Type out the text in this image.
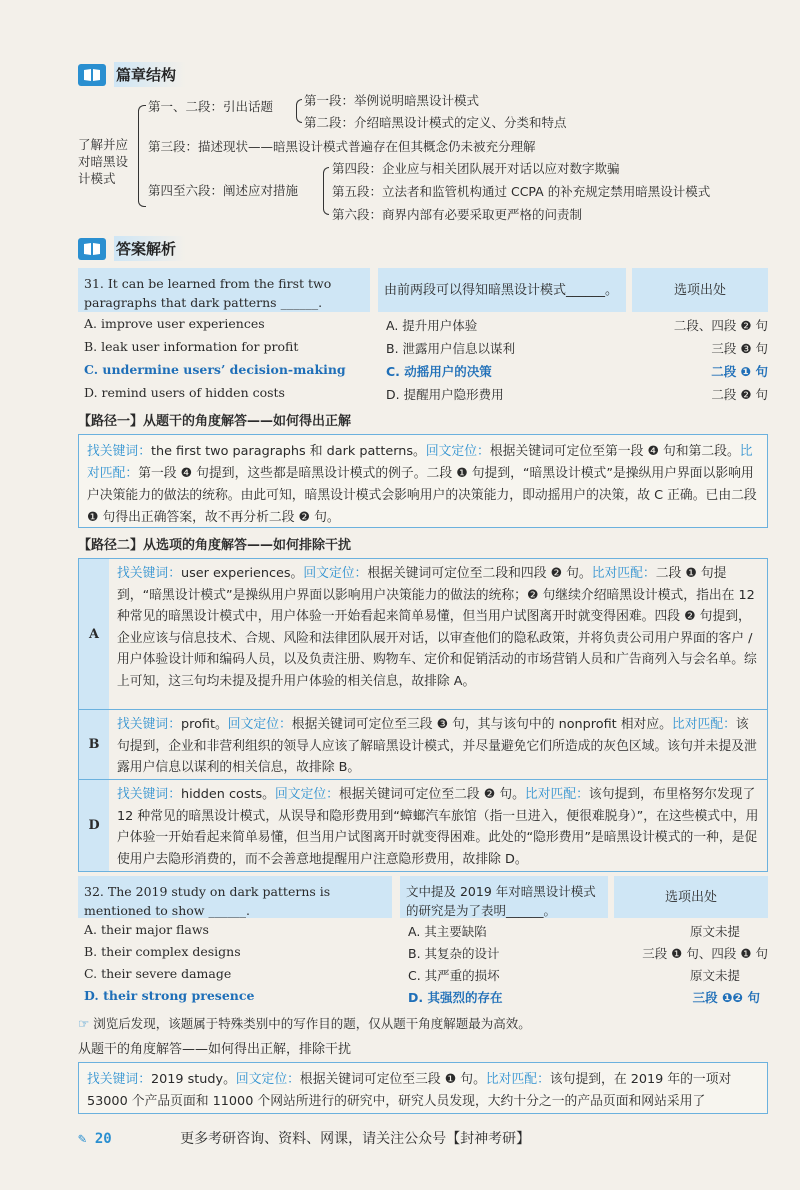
篇章结构
了解并应
对暗黑设
计模式
第一、二段：引出话题 第一段：举例说明暗黑设计模式
第二段：介绍暗黑设计模式的定义、分类和特点
第三段：描述现状——暗黑设计模式普遍存在但其概念仍未被充分理解
第四至六段：阐述应对措施
第四段：企业应与相关团队展开对话以应对数字欺骗
第五段：立法者和监管机构通过 CCPA 的补充规定禁用暗黑设计模式
第六段：商界内部有必要采取更严格的问责制
答案解析
31. It can be learned from the first two paragraphs that dark patterns ______.
由前两段可以得知暗黑设计模式______。	选项出处
A. improve user experiences	A. 提升用户体验	二段、四段 ❷ 句
B. leak user information for profit	B. 泄露用户信息以谋利	三段 ❸ 句
C. undermine users’ decision-making	C. 动摇用户的决策	二段 ❶ 句
D. remind users of hidden costs	D. 提醒用户隐形费用	二段 ❷ 句
【路径一】从题干的角度解答——如何得出正解
找关键词：the first two paragraphs 和 dark patterns。回文定位：根据关键词可定位至第一段 ❹ 句和第二段。比对匹配：第一段 ❹ 句提到，这些都是暗黑设计模式的例子。二段 ❶ 句提到，“暗黑设计模式”是操纵用户界面以影响用户决策能力的做法的统称。由此可知，暗黑设计模式会影响用户的决策能力，即动摇用户的决策，故 C 正确。已由二段 ❶ 句得出正确答案，故不再分析二段 ❷ 句。
【路径二】从选项的角度解答——如何排除干扰
A
找关键词：user experiences。回文定位：根据关键词可定位至二段和四段 ❷ 句。比对匹配：二段 ❶ 句提到，“暗黑设计模式”是操纵用户界面以影响用户决策能力的做法的统称；❷ 句继续介绍暗黑设计模式，指出在 12 种常见的暗黑设计模式中，用户体验一开始看起来简单易懂，但当用户试图离开时就变得困难。四段 ❷ 句提到，企业应该与信息技术、合规、风险和法律团队展开对话，以审查他们的隐私政策，并将负责公司用户界面的客户 / 用户体验设计师和编码人员，以及负责注册、购物车、定价和促销活动的市场营销人员和广告商列入与会名单。综上可知，这三句均未提及提升用户体验的相关信息，故排除 A。
B
找关键词：profit。回文定位：根据关键词可定位至三段 ❸ 句，其与该句中的 nonprofit 相对应。比对匹配：该句提到，企业和非营利组织的领导人应该了解暗黑设计模式，并尽量避免它们所造成的灰色区域。该句并未提及泄露用户信息以谋利的相关信息，故排除 B。
D
找关键词：hidden costs。回文定位：根据关键词可定位至二段 ❷ 句。比对匹配：该句提到，布里格努尔发现了 12 种常见的暗黑设计模式，从误导和隐形费用到“蟑螂汽车旅馆（指一旦进入，便很难脱身）”，在这些模式中，用户体验一开始看起来简单易懂，但当用户试图离开时就变得困难。此处的“隐形费用”是暗黑设计模式的一种，是促使用户去隐形消费的，而不会善意地提醒用户注意隐形费用，故排除 D。
32. The 2019 study on dark patterns is mentioned to show ______.
文中提及 2019 年对暗黑设计模式的研究是为了表明______。
选项出处
A. their major flaws	A. 其主要缺陷	原文未提
B. their complex designs	B. 其复杂的设计	三段 ❶ 句、四段 ❶ 句
C. their severe damage	C. 其严重的损坏	原文未提
D. their strong presence	D. 其强烈的存在	三段 ❶❷ 句
☞ 浏览后发现，该题属于特殊类别中的写作目的题，仅从题干角度解题最为高效。
从题干的角度解答——如何得出正解，排除干扰
找关键词：2019 study。回文定位：根据关键词可定位至三段 ❶ 句。比对匹配：该句提到，在 2019 年的一项对 53000 个产品页面和 11000 个网站所进行的研究中，研究人员发现，大约十分之一的产品页面和网站采用了
✎ 20	更多考研咨询、资料、网课，请关注公众号【封神考研】
